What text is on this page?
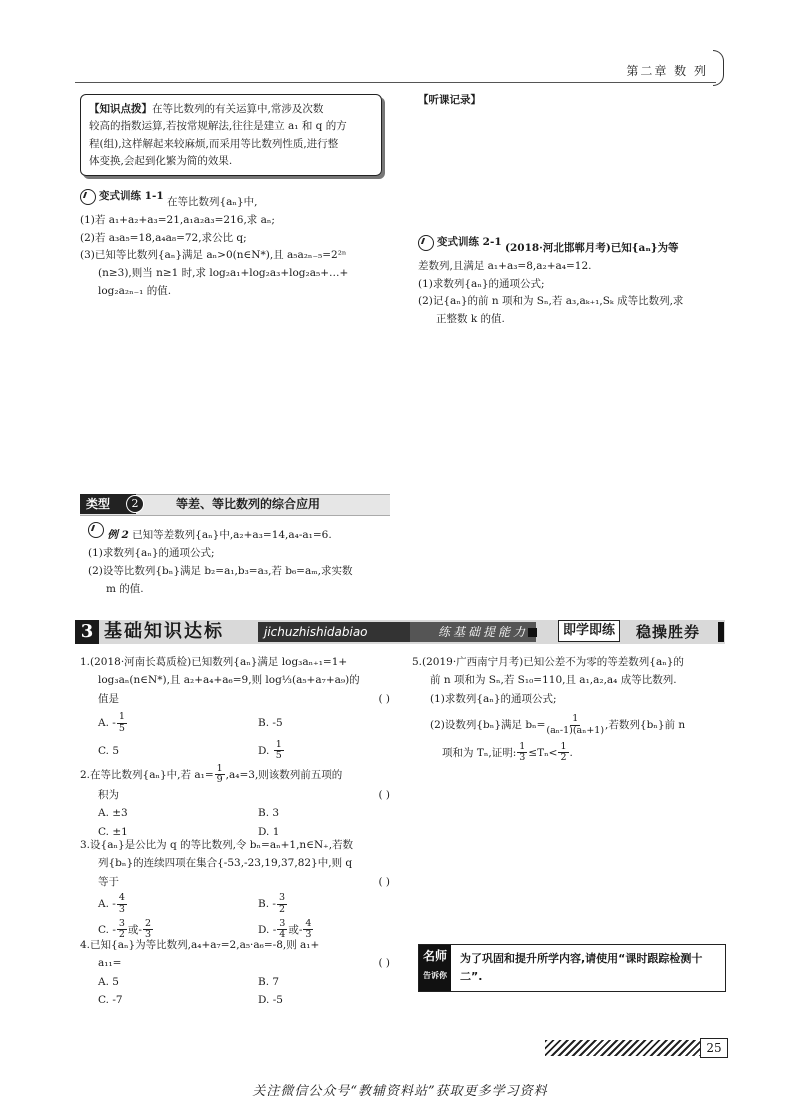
第二章 数 列
【知识点拨】在等比数列的有关运算中,常涉及次数
较高的指数运算,若按常规解法,往往是建立 a₁ 和 q 的方
程(组),这样解起来较麻烦,而采用等比数列性质,进行整
体变换,会起到化繁为简的效果.
【听课记录】
变式训练 1-1 在等比数列{aₙ}中,
(1)若 a₁+a₂+a₃=21,a₁a₂a₃=216,求 aₙ;
(2)若 a₃a₅=18,a₄a₈=72,求公比 q;
(3)已知等比数列{aₙ}满足 aₙ>0(n∈N*),且 a₅a₂ₙ₋₅=2²ⁿ
(n≥3),则当 n≥1 时,求 log₂a₁+log₂a₃+log₂a₅+…+
log₂a₂ₙ₋₁ 的值.
变式训练 2-1 (2018·河北邯郸月考)已知{aₙ}为等
差数列,且满足 a₁+a₃=8,a₂+a₄=12.
(1)求数列{aₙ}的通项公式;
(2)记{aₙ}的前 n 项和为 Sₙ,若 a₃,aₖ₊₁,Sₖ 成等比数列,求
正整数 k 的值.
类型	2	等差、等比数列的综合应用
例 2 已知等差数列{aₙ}中,a₂+a₃=14,a₄-a₁=6.
(1)求数列{aₙ}的通项公式;
(2)设等比数列{bₙ}满足 b₂=a₁,b₃=a₃,若 b₆=aₘ,求实数
m 的值.
3 基础知识达标	jichuzhishidabiao	练基础提能力	即学即练	稳操胜券
1.(2018·河南长葛质检)已知数列{aₙ}满足 log₃aₙ₊₁=1+
log₃aₙ(n∈N*),且 a₂+a₄+a₆=9,则 log⅓(a₅+a₇+a₉)的
值是	( )
A. - $\frac{1}{5}$	B. -5
C. 5	D. $\frac{1}{5}$
2.在等比数列{aₙ}中,若 $a_1= \frac{1}{9} ,a_4=3$,则该数列前五项的
积为	( )
A. ±3	B. 3
C. ±1	D. 1
3.设{aₙ}是公比为 q 的等比数列,令 bₙ=aₙ+1,n∈N₊,若数
列{bₙ}的连续四项在集合{-53,-23,19,37,82}中,则 q
等于	( )
A. - $\frac{4}{3}$	B. - $\frac{3}{2}$
C. - $\frac{3}{2}$ 或- $\frac{2}{3}$	D. - $\frac{3}{4}$ 或- $\frac{4}{3}$
4.已知{aₙ}为等比数列,a₄+a₇=2,a₅·a₆=-8,则 a₁+
a₁₁=	( )
A. 5	B. 7
C. -7	D. -5
5.(2019·广西南宁月考)已知公差不为零的等差数列{aₙ}的
前 n 项和为 Sₙ,若 S₁₀=110,且 a₁,a₂,a₄ 成等比数列.
(1)求数列{aₙ}的通项公式;
(2)设数列{bₙ}满足 $b_n= \frac{1}{\text{(aₙ-1)(aₙ+1)}}$ ,若数列{bₙ}前 n
项和为 Tₙ,证明: $\frac{1}{3} \le T_n< \frac{1}{2}$ .
名师
告诉你
为了巩固和提升所学内容,请使用“课时跟踪检测十二”.
25
关注微信公众号“教辅资料站”获取更多学习资料
